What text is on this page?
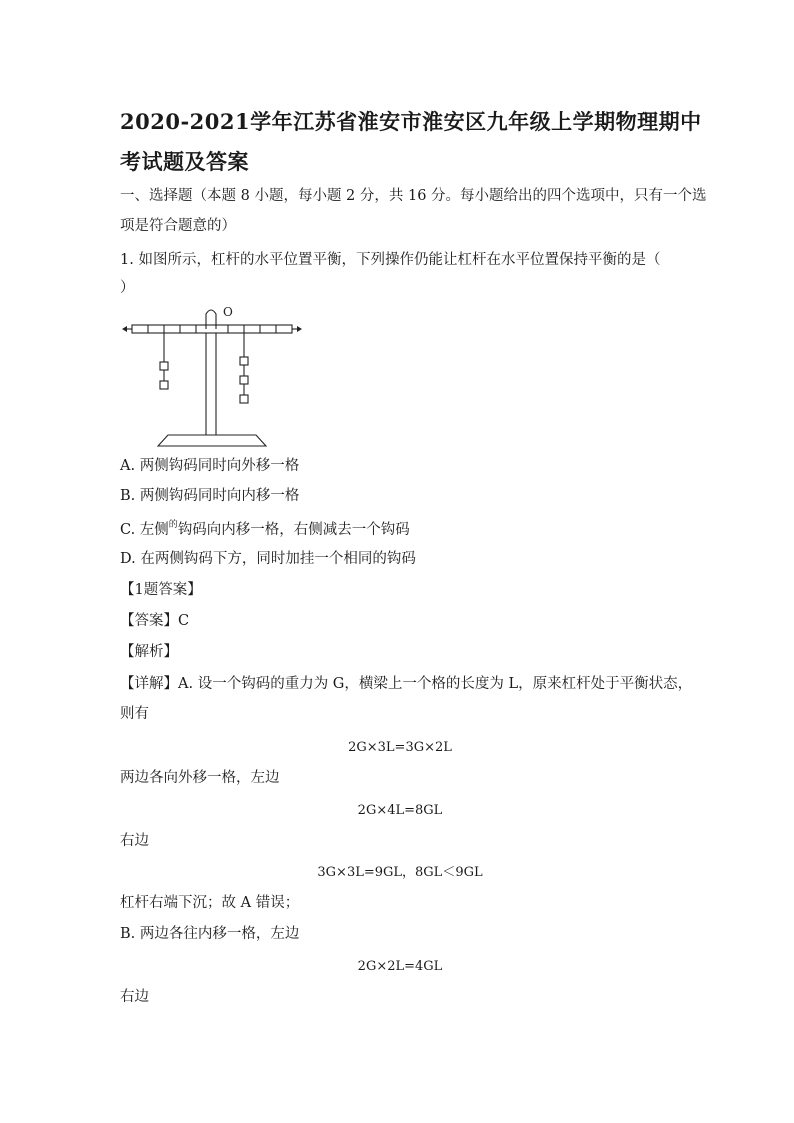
2020-2021学年江苏省淮安市淮安区九年级上学期物理期中
考试题及答案
一、选择题（本题 8 小题，每小题 2 分，共 16 分。每小题给出的四个选项中，只有一个选
项是符合题意的）
1. 如图所示，杠杆的水平位置平衡，下列操作仍能让杠杆在水平位置保持平衡的是（
）
O
A. 两侧钩码同时向外移一格
B. 两侧钩码同时向内移一格
C. 左侧$^的$钩码向内移一格，右侧减去一个钩码
D. 在两侧钩码下方，同时加挂一个相同的钩码
【1题答案】
【答案】C
【解析】
【详解】A. 设一个钩码的重力为 G，横梁上一个格的长度为 L，原来杠杆处于平衡状态，
则有
2G×3L=3G×2L
两边各向外移一格，左边
2G×4L=8GL
右边
3G×3L=9GL，8GL＜9GL
杠杆右端下沉；故 A 错误；
B. 两边各往内移一格，左边
2G×2L=4GL
右边
